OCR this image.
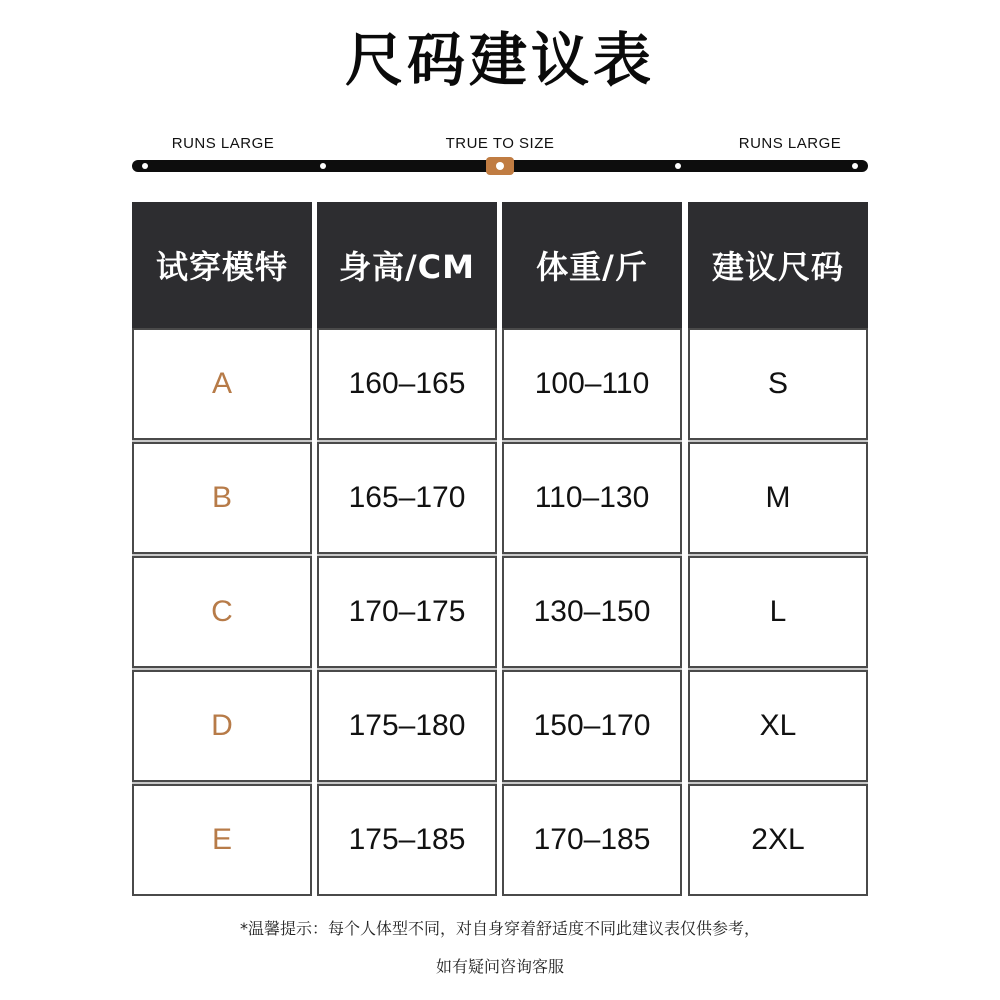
尺码建议表
RUNS LARGE	TRUE TO SIZE	RUNS LARGE
试穿模特
A
B
C
D
E
身高/CM
160–165
165–170
170–175
175–180
175–185
体重/斤
100–110
110–130
130–150
150–170
170–185
建议尺码
S
M
L
XL
2XL
*温馨提示：每个人体型不同，对自身穿着舒适度不同此建议表仅供参考，
如有疑问咨询客服
